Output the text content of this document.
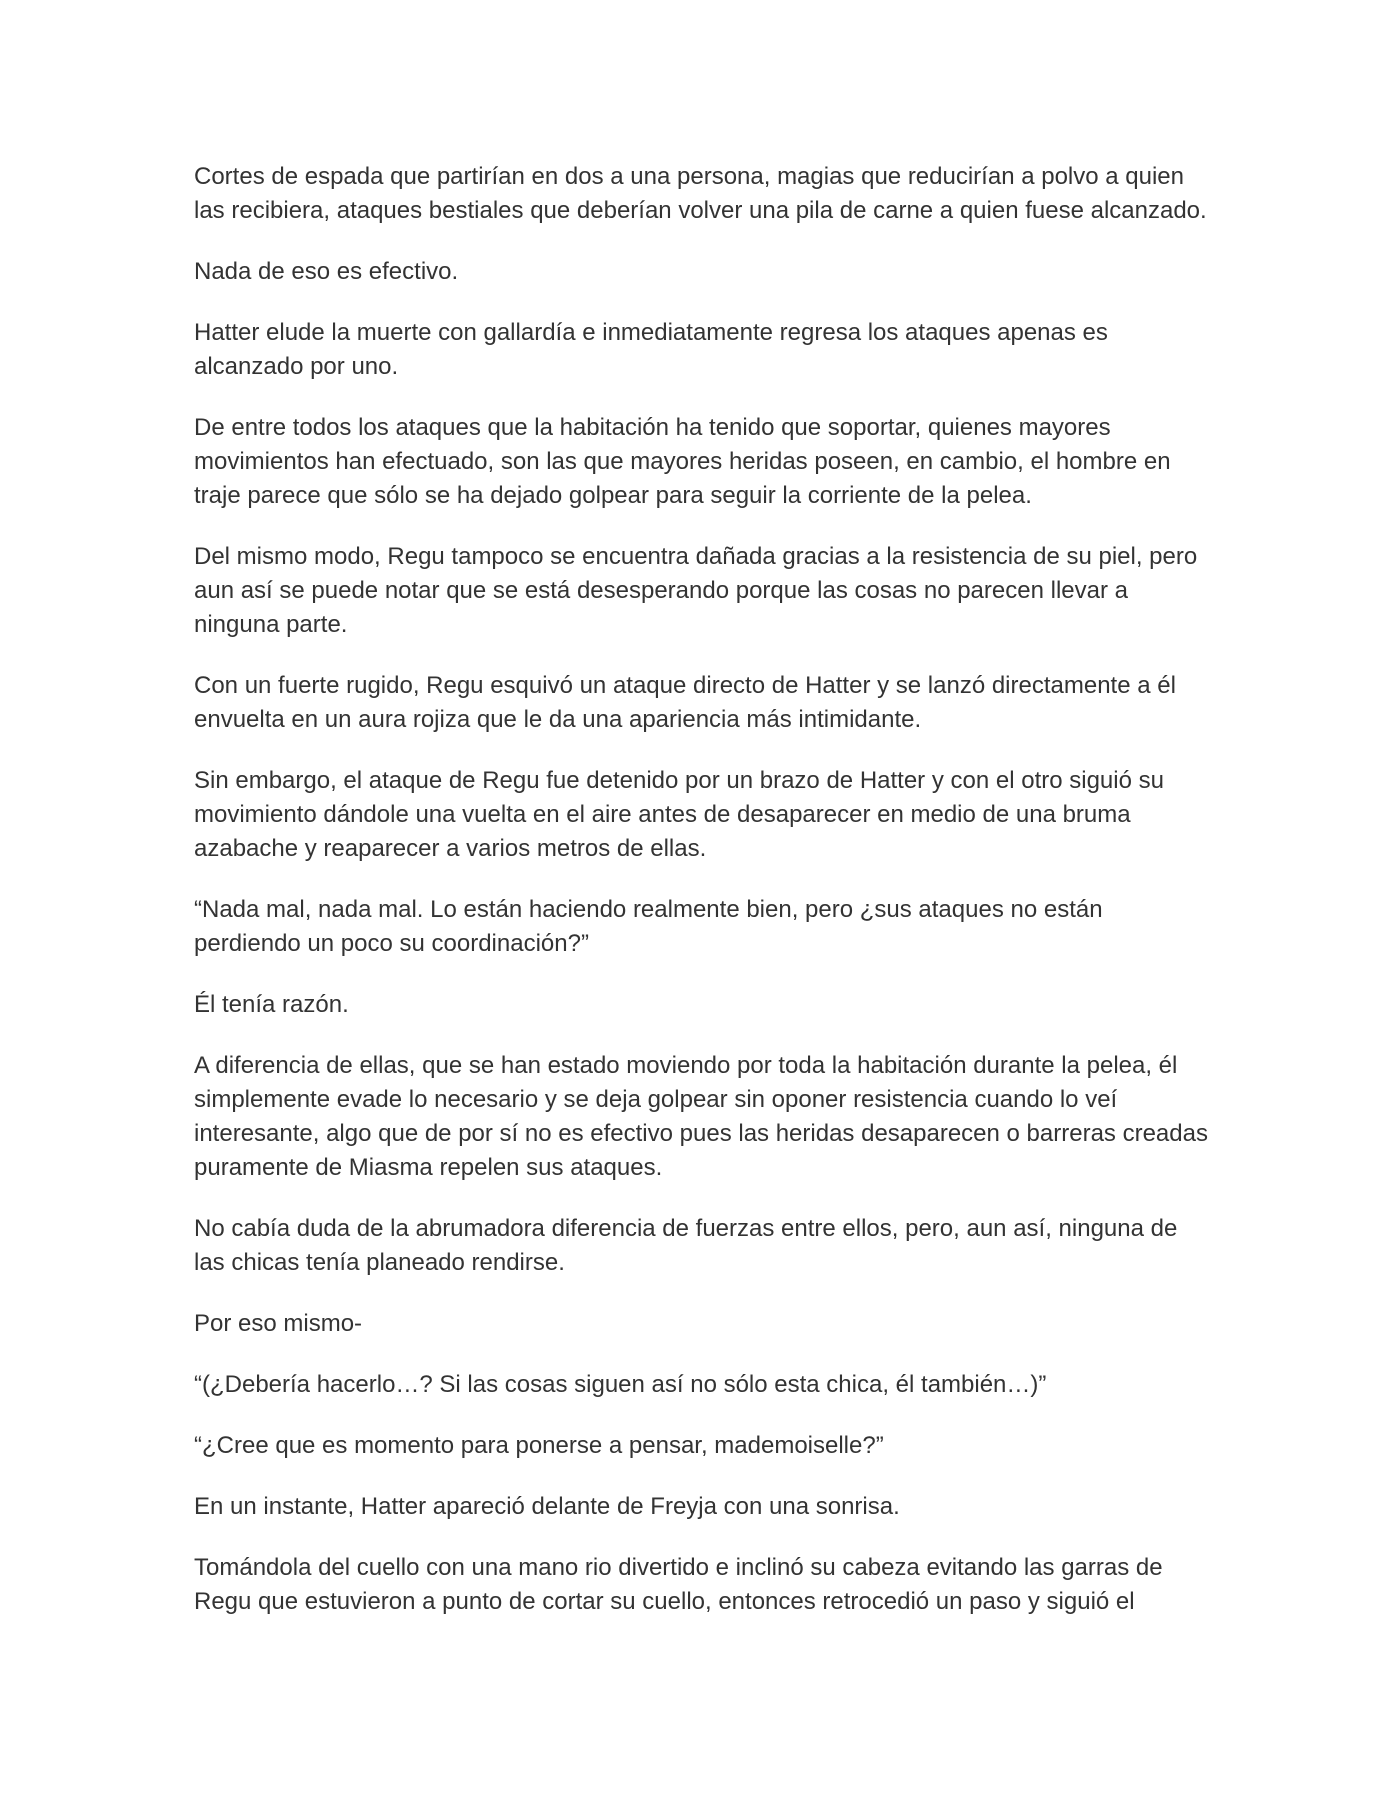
Cortes de espada que partirían en dos a una persona, magias que reducirían a polvo a quien las recibiera, ataques bestiales que deberían volver una pila de carne a quien fuese alcanzado.

Nada de eso es efectivo.

Hatter elude la muerte con gallardía e inmediatamente regresa los ataques apenas es alcanzado por uno.

De entre todos los ataques que la habitación ha tenido que soportar, quienes mayores movimientos han efectuado, son las que mayores heridas poseen, en cambio, el hombre en traje parece que sólo se ha dejado golpear para seguir la corriente de la pelea.

Del mismo modo, Regu tampoco se encuentra dañada gracias a la resistencia de su piel, pero aun así se puede notar que se está desesperando porque las cosas no parecen llevar a ninguna parte.

Con un fuerte rugido, Regu esquivó un ataque directo de Hatter y se lanzó directamente a él envuelta en un aura rojiza que le da una apariencia más intimidante.

Sin embargo, el ataque de Regu fue detenido por un brazo de Hatter y con el otro siguió su movimiento dándole una vuelta en el aire antes de desaparecer en medio de una bruma azabache y reaparecer a varios metros de ellas.

“Nada mal, nada mal. Lo están haciendo realmente bien, pero ¿sus ataques no están perdiendo un poco su coordinación?”

Él tenía razón.

A diferencia de ellas, que se han estado moviendo por toda la habitación durante la pelea, él simplemente evade lo necesario y se deja golpear sin oponer resistencia cuando lo veí interesante, algo que de por sí no es efectivo pues las heridas desaparecen o barreras creadas puramente de Miasma repelen sus ataques.

No cabía duda de la abrumadora diferencia de fuerzas entre ellos, pero, aun así, ninguna de las chicas tenía planeado rendirse.

Por eso mismo-

“(¿Debería hacerlo…? Si las cosas siguen así no sólo esta chica, él también…)”

“¿Cree que es momento para ponerse a pensar, mademoiselle?”

En un instante, Hatter apareció delante de Freyja con una sonrisa.

Tomándola del cuello con una mano rio divertido e inclinó su cabeza evitando las garras de Regu que estuvieron a punto de cortar su cuello, entonces retrocedió un paso y siguió el
